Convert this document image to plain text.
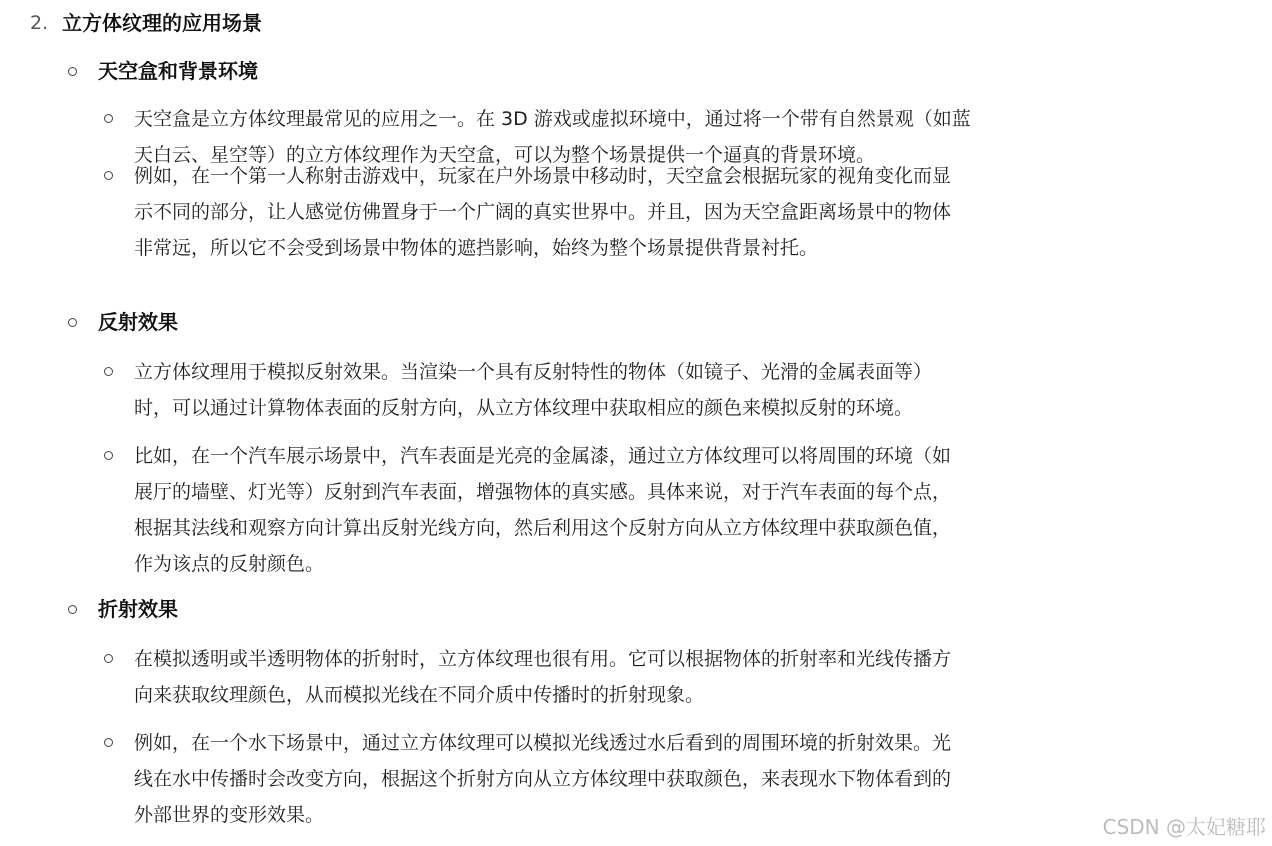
2. 立方体纹理的应用场景
天空盒和背景环境
天空盒是立方体纹理最常见的应用之一。在 3D 游戏或虚拟环境中，通过将一个带有自然景观（如蓝
天白云、星空等）的立方体纹理作为天空盒，可以为整个场景提供一个逼真的背景环境。
例如，在一个第一人称射击游戏中，玩家在户外场景中移动时，天空盒会根据玩家的视角变化而显
示不同的部分，让人感觉仿佛置身于一个广阔的真实世界中。并且，因为天空盒距离场景中的物体
非常远，所以它不会受到场景中物体的遮挡影响，始终为整个场景提供背景衬托。
反射效果
立方体纹理用于模拟反射效果。当渲染一个具有反射特性的物体（如镜子、光滑的金属表面等）
时，可以通过计算物体表面的反射方向，从立方体纹理中获取相应的颜色来模拟反射的环境。
比如，在一个汽车展示场景中，汽车表面是光亮的金属漆，通过立方体纹理可以将周围的环境（如
展厅的墙壁、灯光等）反射到汽车表面，增强物体的真实感。具体来说，对于汽车表面的每个点，
根据其法线和观察方向计算出反射光线方向，然后利用这个反射方向从立方体纹理中获取颜色值，
作为该点的反射颜色。
折射效果
在模拟透明或半透明物体的折射时，立方体纹理也很有用。它可以根据物体的折射率和光线传播方
向来获取纹理颜色，从而模拟光线在不同介质中传播时的折射现象。
例如，在一个水下场景中，通过立方体纹理可以模拟光线透过水后看到的周围环境的折射效果。光
线在水中传播时会改变方向，根据这个折射方向从立方体纹理中获取颜色，来表现水下物体看到的
外部世界的变形效果。	CSDN @太妃糖耶
